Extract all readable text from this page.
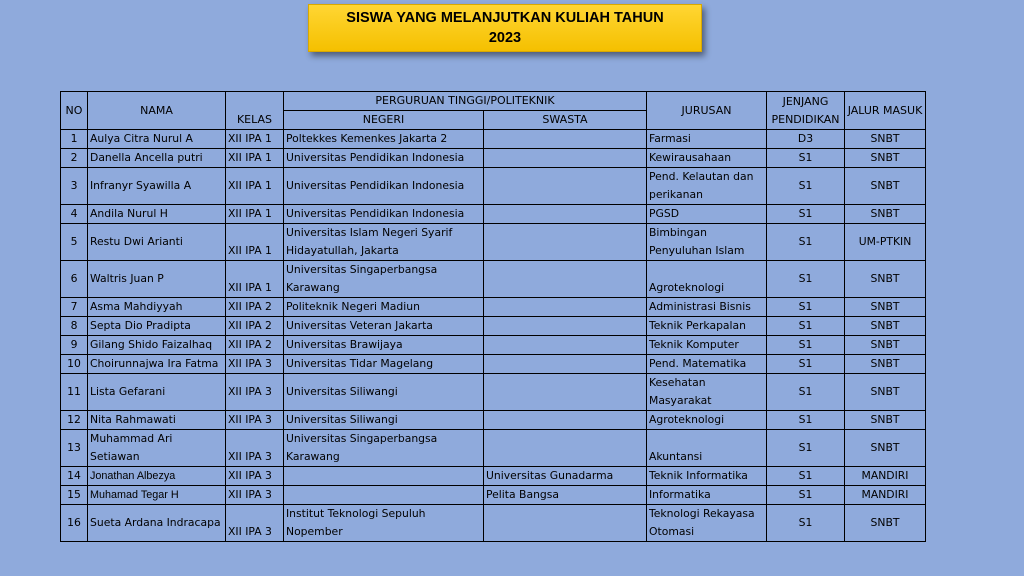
SISWA YANG MELANJUTKAN KULIAH TAHUN
2023
NO	NAMA	KELAS	PERGURUAN TINGGI/POLITEKNIK		JURUSAN	JENJANG PENDIDIKAN	JALUR MASUK
			NEGERI	SWASTA			
1	Aulya Citra Nurul A	XII IPA 1	Poltekkes Kemenkes Jakarta 2		Farmasi	D3	SNBT
2	Danella Ancella putri	XII IPA 1	Universitas Pendidikan Indonesia		Kewirausahaan	S1	SNBT
3	Infranyr Syawilla A	XII IPA 1	Universitas Pendidikan Indonesia		Pend. Kelautan dan perikanan	S1	SNBT
4	Andila Nurul H	XII IPA 1	Universitas Pendidikan Indonesia		PGSD	S1	SNBT
5	Restu Dwi Arianti	XII IPA 1	Universitas Islam Negeri Syarif Hidayatullah, Jakarta		Bimbingan Penyuluhan Islam	S1	UM-PTKIN
6	Waltris Juan P	XII IPA 1	Universitas Singaperbangsa Karawang		Agroteknologi	S1	SNBT
7	Asma Mahdiyyah	XII IPA 2	Politeknik Negeri Madiun		Administrasi Bisnis	S1	SNBT
8	Septa Dio Pradipta	XII IPA 2	Universitas Veteran Jakarta		Teknik Perkapalan	S1	SNBT
9	Gilang Shido Faizalhaq	XII IPA 2	Universitas Brawijaya		Teknik Komputer	S1	SNBT
10	Choirunnajwa Ira Fatma	XII IPA 3	Universitas Tidar Magelang		Pend. Matematika	S1	SNBT
11	Lista Gefarani	XII IPA 3	Universitas Siliwangi		Kesehatan Masyarakat	S1	SNBT
12	Nita Rahmawati	XII IPA 3	Universitas Siliwangi		Agroteknologi	S1	SNBT
13	Muhammad Ari Setiawan	XII IPA 3	Universitas Singaperbangsa Karawang		Akuntansi	S1	SNBT
14	Jonathan Albezya	XII IPA 3		Universitas Gunadarma	Teknik Informatika	S1	MANDIRI
15	Muhamad Tegar H	XII IPA 3		Pelita Bangsa	Informatika	S1	MANDIRI
16	Sueta Ardana Indracapa	XII IPA 3	Institut Teknologi Sepuluh Nopember		Teknologi Rekayasa Otomasi	S1	SNBT
